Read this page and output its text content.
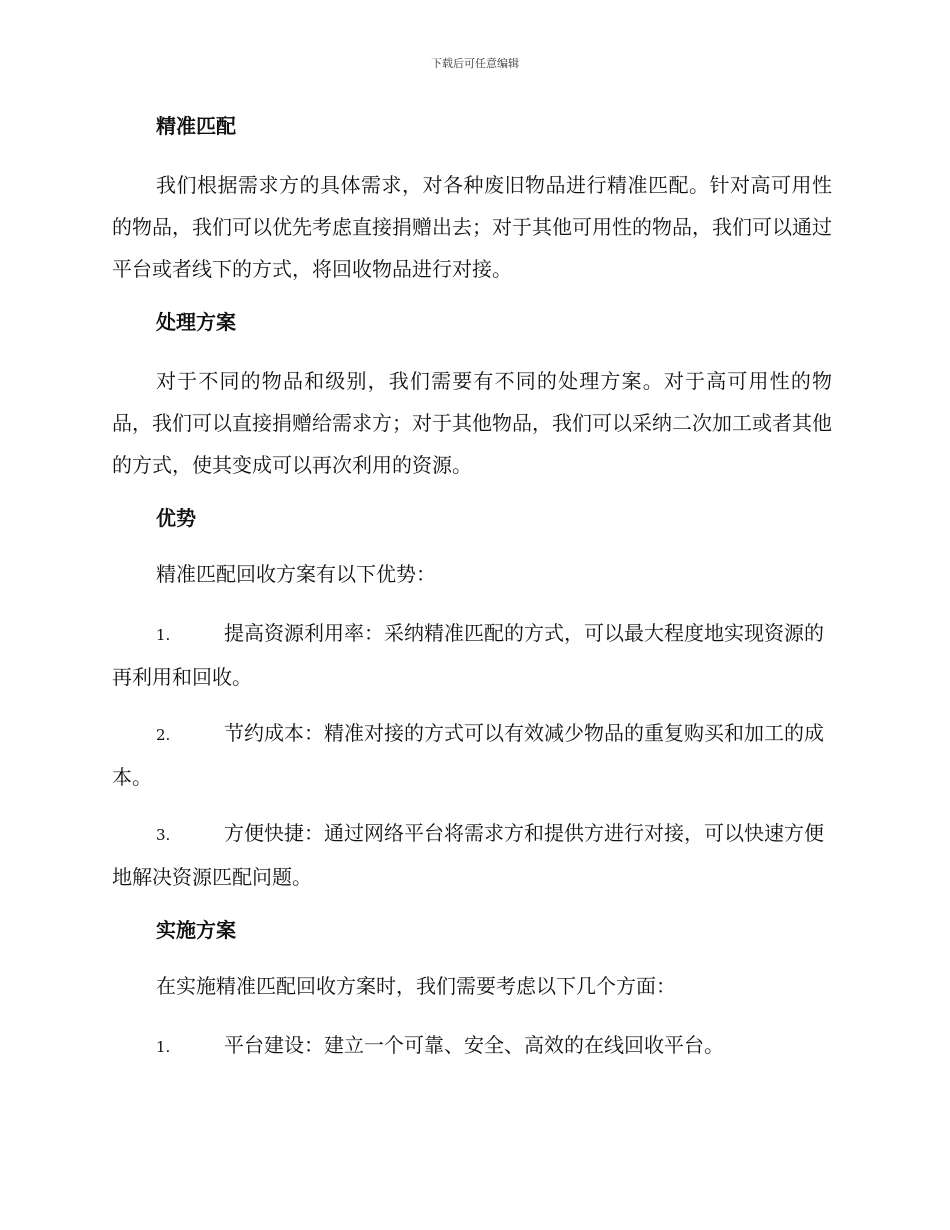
下载后可任意编辑
精准匹配

我们根据需求方的具体需求，对各种废旧物品进行精准匹配。针对高可用性的物品，我们可以优先考虑直接捐赠出去；对于其他可用性的物品，我们可以通过平台或者线下的方式，将回收物品进行对接。

处理方案

对于不同的物品和级别，我们需要有不同的处理方案。对于高可用性的物品，我们可以直接捐赠给需求方；对于其他物品，我们可以采纳二次加工或者其他的方式，使其变成可以再次利用的资源。

优势
精准匹配回收方案有以下优势：
1.	提高资源利用率：采纳精准匹配的方式，可以最大程度地实现资源的再利用和回收。
2.	节约成本：精准对接的方式可以有效减少物品的重复购买和加工的成本。
3.	方便快捷：通过网络平台将需求方和提供方进行对接，可以快速方便地解决资源匹配问题。
实施方案
在实施精准匹配回收方案时，我们需要考虑以下几个方面：
1.	平台建设：建立一个可靠、安全、高效的在线回收平台。
